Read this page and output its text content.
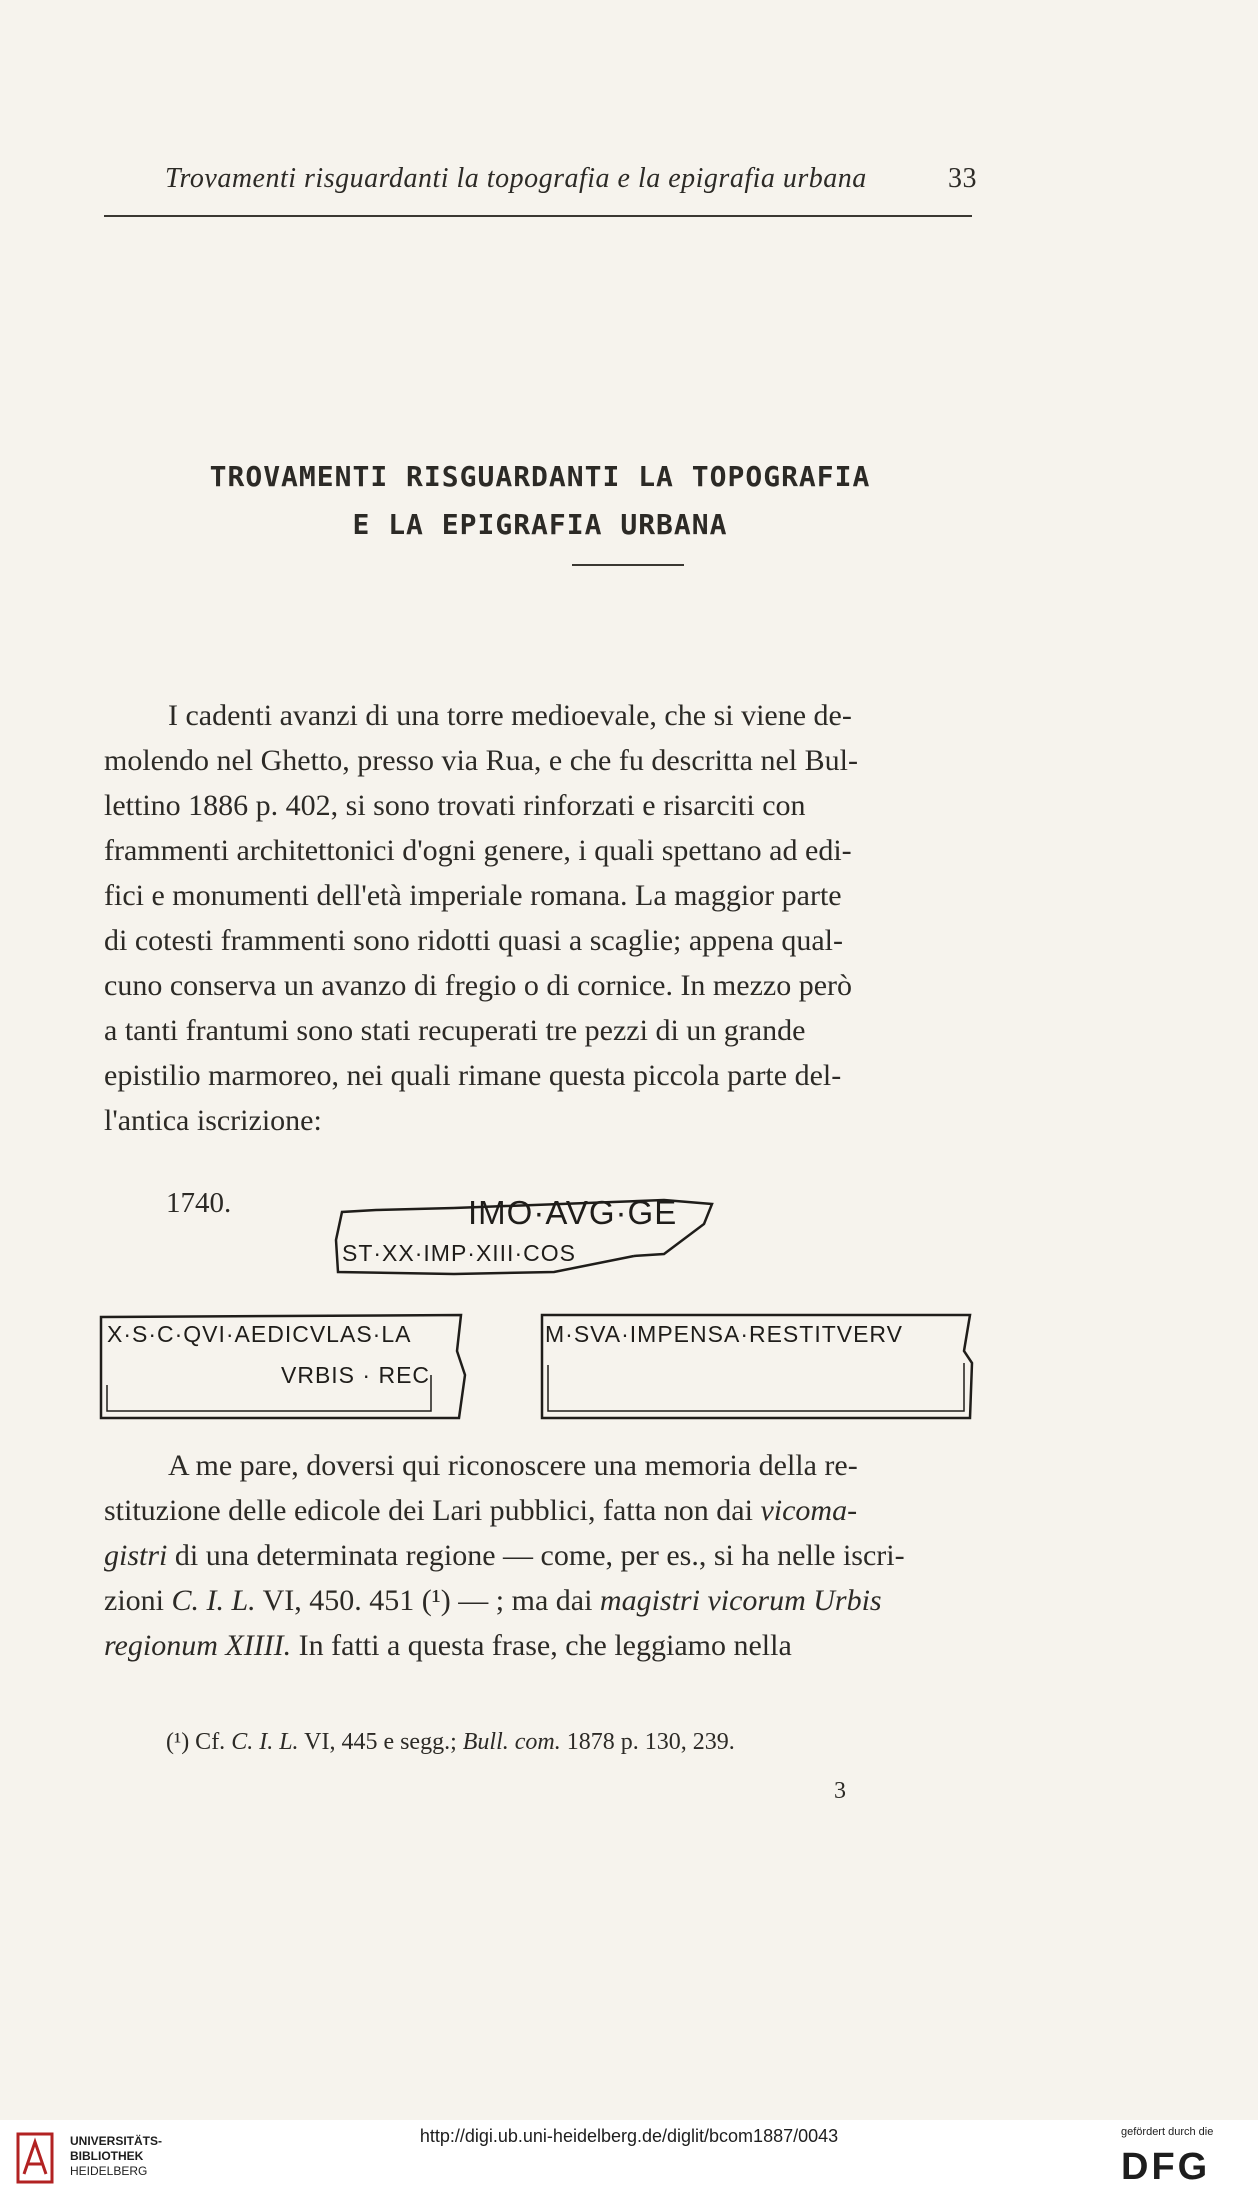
Trovamenti risguardanti la topografia e la epigrafia urbana	33
TROVAMENTI RISGUARDANTI LA TOPOGRAFIA
E LA EPIGRAFIA URBANA

I cadenti avanzi di una torre medioevale, che si viene de-

molendo nel Ghetto, presso via Rua, e che fu descritta nel Bul-

lettino 1886 p. 402, si sono trovati rinforzati e risarciti con

frammenti architettonici d'ogni genere, i quali spettano ad edi-

fici e monumenti dell'età imperiale romana. La maggior parte

di cotesti frammenti sono ridotti quasi a scaglie; appena qual-

cuno conserva un avanzo di fregio o di cornice. In mezzo però

a tanti frantumi sono stati recuperati tre pezzi di un grande

epistilio marmoreo, nei quali rimane questa piccola parte del-

l'antica iscrizione:

1740.	IMO·AVG·GE
ST·XX·IMP·XIII·COS
X·S·C·QVI·AEDICVLAS·LA
VRBIS · REC
M·SVA·IMPENSA·RESTITVERV

A me pare, doversi qui riconoscere una memoria della re-

stituzione delle edicole dei Lari pubblici, fatta non dai vicoma-

gistri di una determinata regione — come, per es., si ha nelle iscri-

zioni C. I. L. VI, 450. 451 (¹) — ; ma dai magistri vicorum Urbis

regionum XIIII. In fatti a questa frase, che leggiamo nella

(¹) Cf. C. I. L. VI, 445 e segg.; Bull. com. 1878 p. 130, 239.
3
UNIVERSITÄTS-
BIBLIOTHEK
HEIDELBERG
http://digi.ub.uni-heidelberg.de/diglit/bcom1887/0043	gefördert durch die
DFG
